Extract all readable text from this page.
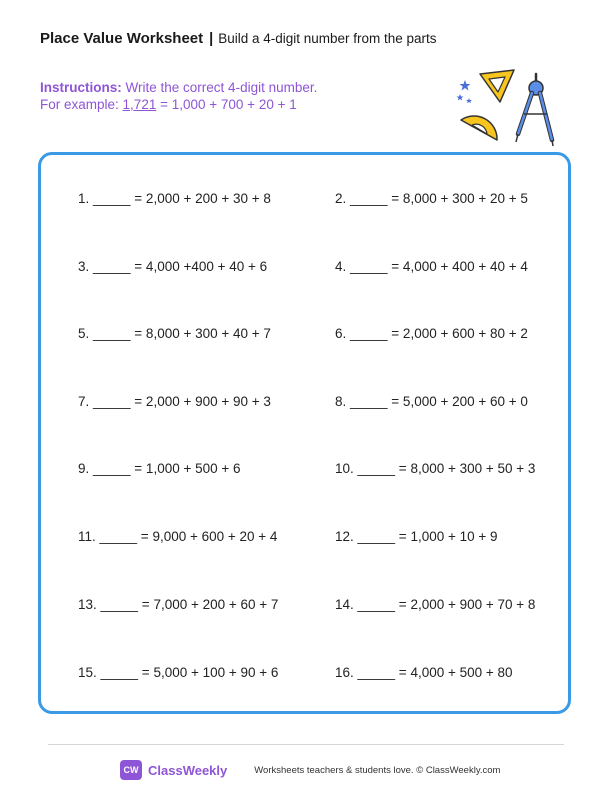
Place Value Worksheet | Build a 4-digit number from the parts
Instructions: Write the correct 4-digit number.
For example: 1,721 = 1,000 + 700 + 20 + 1
1. _____ = 2,000 + 200 + 30 + 8	2. _____ = 8,000 + 300 + 20 + 5
3. _____ = 4,000 +400 + 40 + 6	4. _____ = 4,000 + 400 + 40 + 4
5. _____ = 8,000 + 300 + 40 + 7	6. _____ = 2,000 + 600 + 80 + 2
7. _____ = 2,000 + 900 + 90 + 3	8. _____ = 5,000 + 200 + 60 + 0
9. _____ = 1,000 + 500 + 6	10. _____ = 8,000 + 300 + 50 + 3
11. _____ = 9,000 + 600 + 20 + 4	12. _____ = 1,000 + 10 + 9
13. _____ = 7,000 + 200 + 60 + 7	14. _____ = 2,000 + 900 + 70 + 8
15. _____ = 5,000 + 100 + 90 + 6	16. _____ = 4,000 + 500 + 80
CW ClassWeekly	Worksheets teachers & students love. © ClassWeekly.com
